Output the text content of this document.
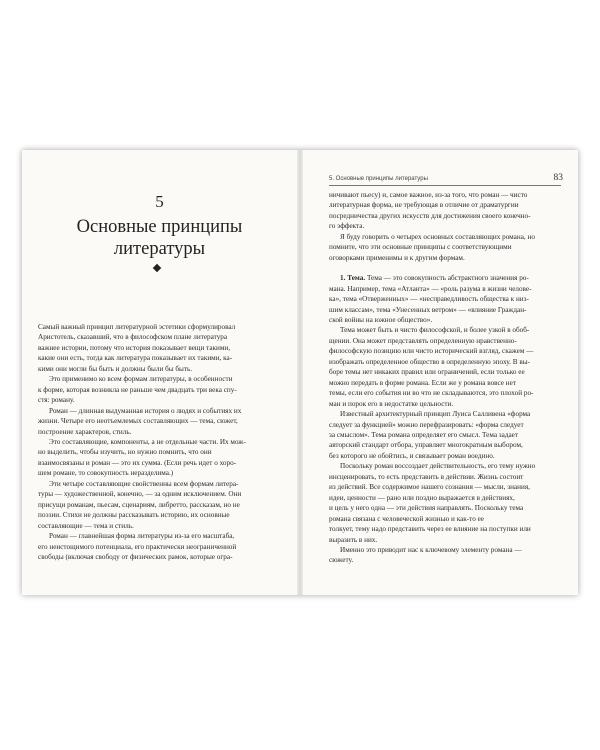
5
Основные принципы
литературы
Самый важный принцип литературной эстетики сформулировал
Аристотель, сказавший, что в философском плане литература
важнее истории, потому что история показывает вещи такими,
какие они есть, тогда как литература показывает их такими, ка-
кими они могли бы быть и должны были бы быть.
Это применимо ко всем формам литературы, в особенности
к форме, которая возникла не раньше чем двадцать три века спу-
стя: роману.
Роман — длинная выдуманная история о людях и событиях их
жизни. Четыре его неотъемлемых составляющих — тема, сюжет,
построение характеров, стиль.
Это составляющие, компоненты, а не отдельные части. Их мож-
но выделить, чтобы изучить, но нужно помнить, что они
взаимосвязаны и роман — это их сумма. (Если речь идет о хоро-
шем романе, то совокупность неразделима.)
Эти четыре составляющие свойственны всем формам литера-
туры — художественной, конечно, — за одним исключением. Они
присущи романам, пьесам, сценариям, либретто, рассказам, но не
поэзии. Стихи не должны рассказывать историю, их основные
составляющие — тема и стиль.
Роман — главнейшая форма литературы из-за его масштаба,
его неистощимого потенциала, его практически неограниченной
свободы (включая свободу от физических рамок, которые огра-
5. Основные принципы литературы	83
ничивают пьесу) и, самое важное, из-за того, что роман — чисто
литературная форма, не требующая в отличие от драматургии
посредничества других искусств для достижения своего конечно-
го эффекта.
Я буду говорить о четырех основных составляющих романа, но
помните, что эти основные принципы с соответствующими
оговорками применимы и к другим формам.
1. Тема. Тема — это совокупность абстрактного значения ро-
мана. Например, тема «Атланта» — «роль разума в жизни челове-
ка», тема «Отверженных» — «несправедливость общества к низ-
шим классам», тема «Унесенных ветром» — «влияние Граждан-
ской войны на южное общество».
Тема может быть и чисто философской, и более узкой в обоб-
щении. Она может представлять определенную нравственно-
философскую позицию или чисто исторический взгляд, скажем —
изображать определенное общество в определенную эпоху. В вы-
боре темы нет никаких правил или ограничений, если только ее
можно передать в форме романа. Если же у романа вовсе нет
темы, если его события ни во что не складываются, это плохой ро-
ман и порок его в недостатке цельности.
Известный архитектурный принцип Луиса Салливена «форма
следует за функцией» можно перефразировать: «форма следует
за смыслом». Тема романа определяет его смысл. Тема задает
авторский стандарт отбора, управляет многократным выбором,
без которого не обойтись, и связывает роман воедино.
Поскольку роман воссоздает действительность, его тему нужно
инсценировать, то есть представить в действии. Жизнь состоит
из действий. Все содержимое нашего сознания — мысли, знания,
идеи, ценности — рано или поздно выражается в действиях,
и цель у него одна — эти действия направлять. Поскольку тема
романа связана с человеческой жизнью и как-то ее
толкует, тему надо представить через ее влияние на поступки или
выразить в них.
Именно это приводит нас к ключевому элементу романа —
сюжету.
